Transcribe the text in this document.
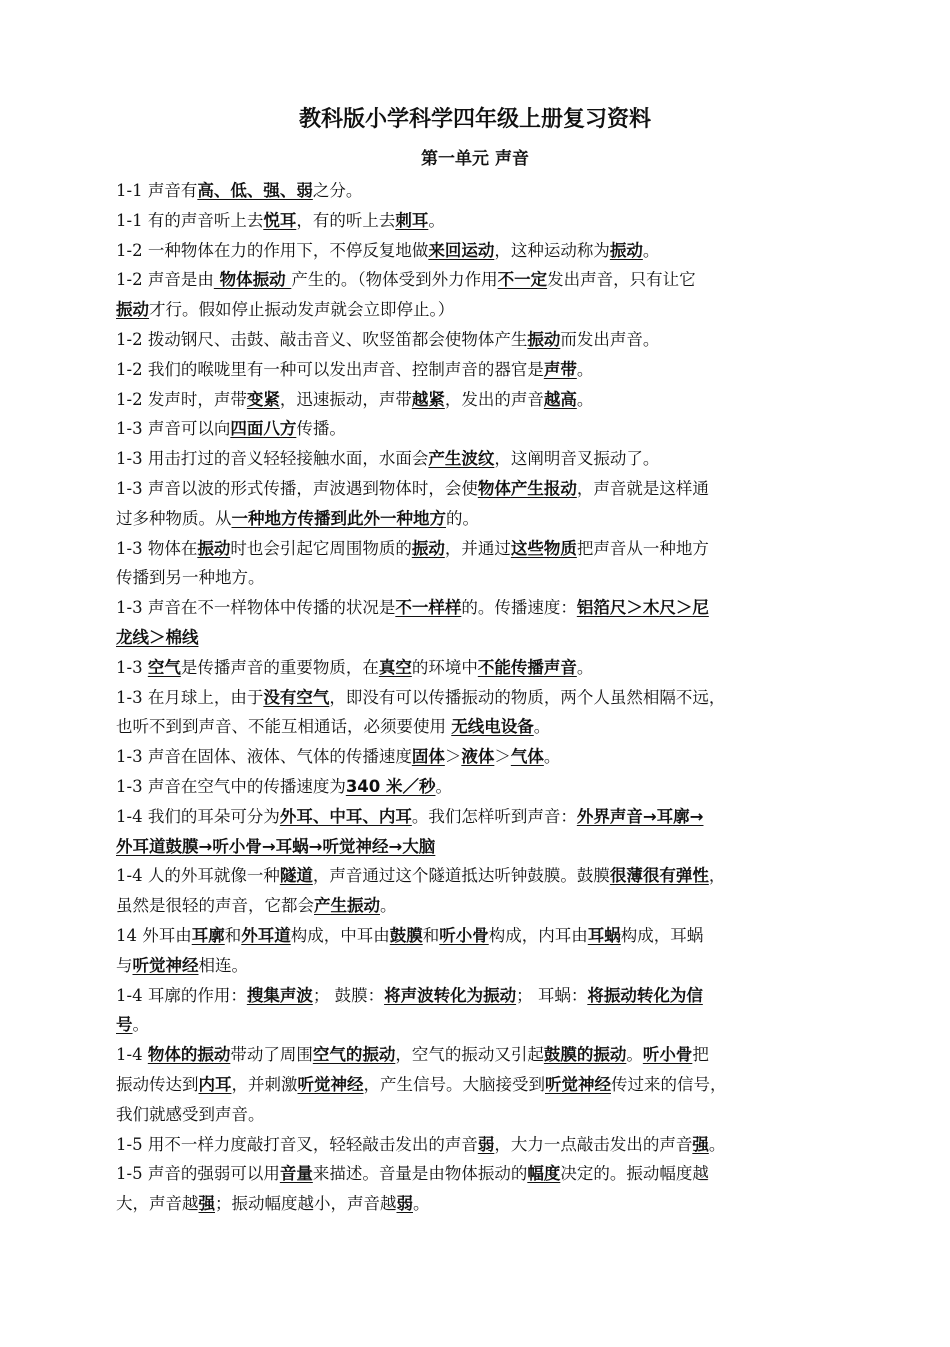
教科版小学科学四年级上册复习资料
第一单元 声音
1-1 声音有高、低、强、弱之分。
1-1 有的声音听上去悦耳，有的听上去刺耳。
1-2 一种物体在力的作用下，不停反复地做来回运动，这种运动称为振动。
1-2 声音是由 物体振动 产生的。（物体受到外力作用不一定发出声音，只有让它
振动才行。假如停止振动发声就会立即停止。）
1-2 拨动钢尺、击鼓、敲击音义、吹竖笛都会使物体产生振动而发出声音。
1-2 我们的喉咙里有一种可以发出声音、控制声音的器官是声带。
1-2 发声时，声带变紧，迅速振动，声带越紧，发出的声音越高。
1-3 声音可以向四面八方传播。
1-3 用击打过的音义轻轻接触水面，水面会产生波纹，这阐明音叉振动了。
1-3 声音以波的形式传播，声波遇到物体时，会使物体产生报动，声音就是这样通
过多种物质。从一种地方传播到此外一种地方的。
1-3 物体在振动时也会引起它周围物质的振动，并通过这些物质把声音从一种地方
传播到另一种地方。
1-3 声音在不一样物体中传播的状况是不一样样的。传播速度：铝箔尺＞木尺＞尼
龙线＞棉线
1-3 空气是传播声音的重要物质，在真空的环境中不能传播声音。
1-3 在月球上，由于没有空气，即没有可以传播振动的物质，两个人虽然相隔不远，
也听不到到声音、不能互相通话，必须要使用 无线电设备。
1-3 声音在固体、液体、气体的传播速度固体＞液体＞气体。
1-3 声音在空气中的传播速度为340 米／秒。
1-4 我们的耳朵可分为外耳、中耳、内耳。我们怎样听到声音：外界声音→耳廓→
外耳道鼓膜→听小骨→耳蜗→听觉神经→大脑
1-4 人的外耳就像一种隧道，声音通过这个隧道抵达听钟鼓膜。鼓膜很薄很有弹性，
虽然是很轻的声音，它都会产生振动。
14 外耳由耳廓和外耳道构成，中耳由鼓膜和听小骨构成，内耳由耳蜗构成，耳蜗
与听觉神经相连。
1-4 耳廓的作用：搜集声波； 鼓膜：将声波转化为振动； 耳蜗：将振动转化为信
号。
1-4 物体的振动带动了周围空气的振动，空气的振动又引起鼓膜的振动。听小骨把
振动传达到内耳，并刺激听觉神经，产生信号。大脑接受到听觉神经传过来的信号，
我们就感受到声音。
1-5 用不一样力度敲打音叉，轻轻敲击发出的声音弱，大力一点敲击发出的声音强。
1-5 声音的强弱可以用音量来描述。音量是由物体振动的幅度决定的。振动幅度越
大，声音越强；振动幅度越小，声音越弱。
